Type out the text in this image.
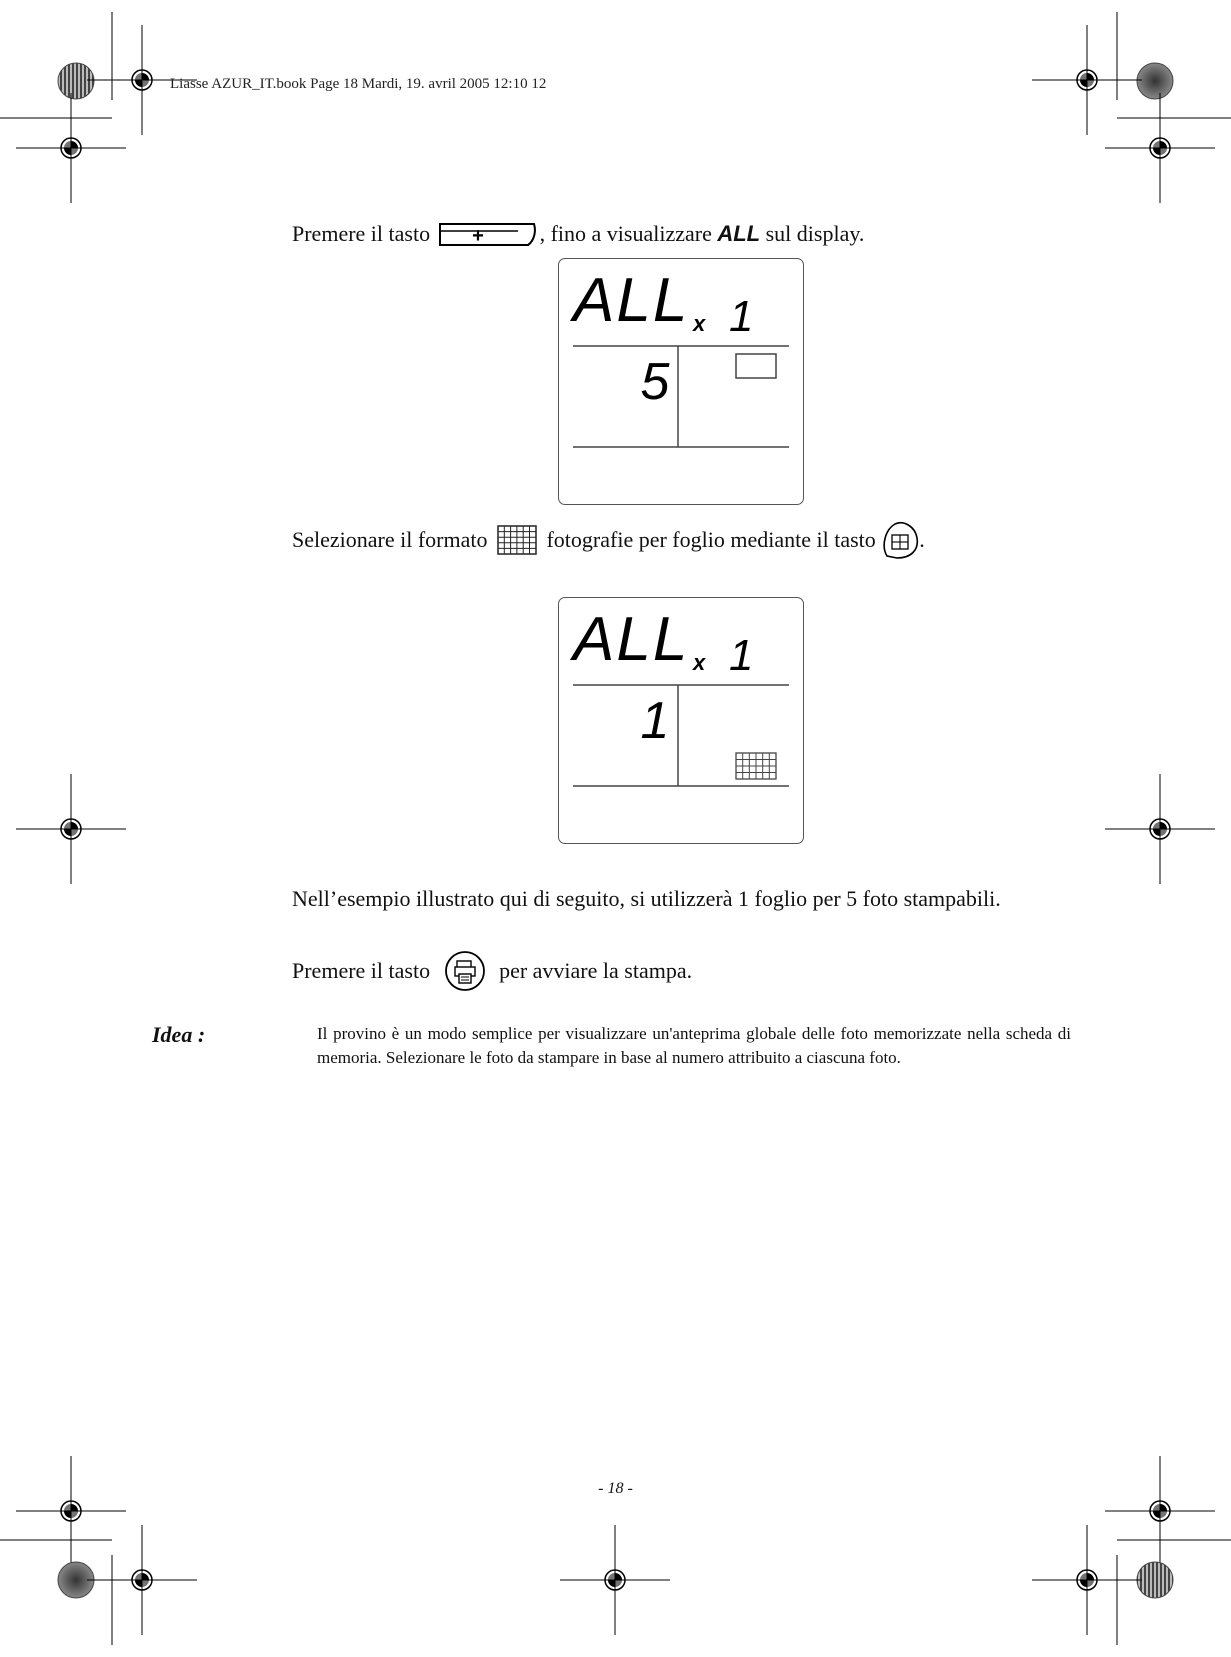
Liasse AZUR_IT.book Page 18 Mardi, 19. avril 2005 12:10 12
Premere il tasto +	, fino a visualizzare ALL sul display.
ALL x 1
5
Selezionare il formato	fotografie per foglio mediante il tasto .
ALL x 1
1
Nell’esempio illustrato qui di seguito, si utilizzerà 1 foglio per 5 foto stampabili.
Premere il tasto	per avviare la stampa.
Idea :	Il provino è un modo semplice per visualizzare un'anteprima globale delle foto memorizzate nella scheda di memoria. Selezionare le foto da stampare in base al numero attribuito a ciascuna foto.
- 18 -
